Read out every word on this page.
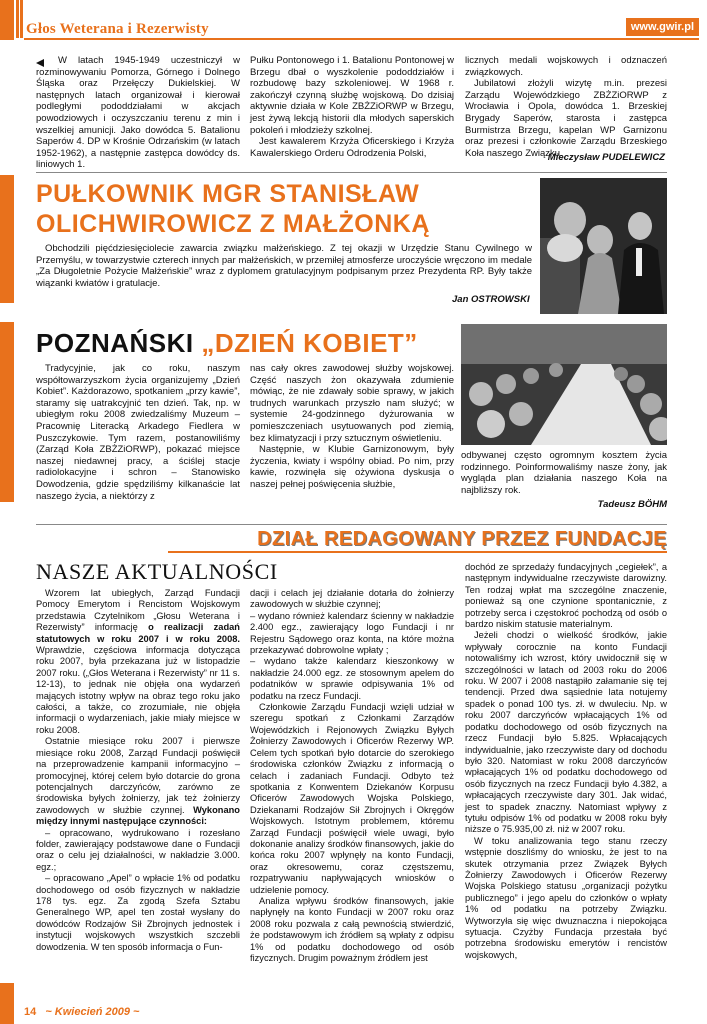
Głos Weterana i Rezerwisty	www.gwir.pl

W latach 1945-1949 uczestniczył w rozminowywaniu Pomorza, Górnego i Dolnego Śląska oraz Przełęczy Dukielskiej. W następnych latach organizował i kierował podległymi pododdziałami w akcjach powodziowych i oczyszczaniu terenu z min i wszelkiej amunicji. Jako dowódca 5. Batalionu Saperów 4. DP w Krośnie Odrzańskim (w latach 1952-1962), a następnie zastępca dowódcy ds. liniowych 1.

Pułku Pontonowego i 1. Batalionu Pontonowej w Brzegu dbał o wyszkolenie pododdziałów i rozbudowę bazy szkoleniowej. W 1968 r. zakończył czynną służbę wojskową. Do dzisiaj aktywnie działa w Kole ZBŻZiORWP w Brzegu, jest żywą lekcją historii dla młodych saperskich pokoleń i młodzieży szkolnej.

Jest kawalerem Krzyża Oficerskiego i Krzyża Kawalerskiego Orderu Odrodzenia Polski,

licznych medali wojskowych i odznaczeń związkowych.

Jubilatowi złożyli wizytę m.in. prezesi Zarządu Wojewódzkiego ZBŻZiORWP z Wrocławia i Opola, dowódca 1. Brzeskiej Brygady Saperów, starosta i zastępca Burmistrza Brzegu, kapelan WP Garnizonu oraz prezesi i członkowie Zarządu Brzeskiego Koła naszego Związku.

Mieczysław PUDELEWICZ
PUŁKOWNIK MGR STANISŁAW
OLICHWIROWICZ Z MAŁŻONKĄ

Obchodzili pięćdziesięciolecie zawarcia związku małżeńskiego. Z tej okazji w Urzędzie Stanu Cywilnego w Przemyślu, w towarzystwie czterech innych par małżeńskich, w przemiłej atmosferze uroczyście wręczono im medale „Za Długoletnie Pożycie Małżeńskie” wraz z dyplomem gratulacyjnym podpisanym przez Prezydenta RP. Były także wiązanki kwiatów i gratulacje.

Jan OSTROWSKI
POZNAŃSKI „DZIEŃ KOBIET”

Tradycyjnie, jak co roku, naszym współtowarzyszkom życia organizujemy „Dzień Kobiet”. Każdorazowo, spotkaniem „przy kawie”, staramy się uatrakcyjnić ten dzień. Tak, np. w ubiegłym roku 2008 zwiedzaliśmy Muzeum – Pracownię Literacką Arkadego Fiedlera w Puszczykowie. Tym razem, postanowiliśmy (Zarząd Koła ZBŻZiORWP), pokazać miejsce naszej niedawnej pracy, a ściślej stacje radiolokacyjne i schron – Stanowisko Dowodzenia, gdzie spędziliśmy kilkanaście lat naszego życia, a niektórzy z

nas cały okres zawodowej służby wojskowej. Część naszych żon okazywała zdumienie mówiąc, że nie zdawały sobie sprawy, w jakich trudnych warunkach przyszło nam służyć; w systemie 24-godzinnego dyżurowania w pomieszczeniach usytuowanych pod ziemią, bez klimatyzacji i przy sztucznym oświetleniu.

Następnie, w Klubie Garnizonowym, były życzenia, kwiaty i wspólny obiad. Po nim, przy kawie, rozwinęła się ożywiona dyskusja o naszej pełnej poświęcenia służbie,

odbywanej często ogromnym kosztem życia rodzinnego. Poinformowaliśmy nasze żony, jak wygląda plan działania naszego Koła na najbliższy rok.

Tadeusz BÖHM
DZIAŁ REDAGOWANY PRZEZ FUNDACJĘ
NASZE AKTUALNOŚCI

Wzorem lat ubiegłych, Zarząd Fundacji Pomocy Emerytom i Rencistom Wojskowym przedstawia Czytelnikom „Głosu Weterana i Rezerwisty” informację o realizacji zadań statutowych w roku 2007 i w roku 2008. Wprawdzie, częściowa informacja dotycząca roku 2007, była przekazana już w listopadzie 2007 roku. („Głos Weterana i Rezerwisty” nr 11 s. 12-13), to jednak nie objęła ona wydarzeń mających istotny wpływ na obraz tego roku jako całości, a także, co zrozumiałe, nie objęła informacji o wydarzeniach, jakie miały miejsce w roku 2008.

Ostatnie miesiące roku 2007 i pierwsze miesiące roku 2008, Zarząd Fundacji poświęcił na przeprowadzenie kampanii informacyjno – promocyjnej, której celem było dotarcie do grona potencjalnych darczyńców, zarówno ze środowiska byłych żołnierzy, jak też żołnierzy zawodowych w służbie czynnej. Wykonano między innymi następujące czynności:

– opracowano, wydrukowano i rozesłano folder, zawierający podstawowe dane o Fundacji oraz o celu jej działalności, w nakładzie 3.000. egz.;

– opracowano „Apel” o wpłacie 1% od podatku dochodowego od osób fizycznych w nakładzie 178 tys. egz. Za zgodą Szefa Sztabu Generalnego WP, apel ten został wysłany do dowódców Rodzajów Sił Zbrojnych jednostek i instytucji wojskowych wszystkich szczebli dowodzenia. W ten sposób informacja o Fun-

dacji i celach jej działanie dotarła do żołnierzy zawodowych w służbie czynnej;

– wydano również kalendarz ścienny w nakładzie 2.400 egz., zawierający logo Fundacji i nr Rejestru Sądowego oraz konta, na które można przekazywać dobrowolne wpłaty ;

– wydano także kalendarz kieszonkowy w nakładzie 24.000 egz. ze stosownym apelem do podatników w sprawie odpisywania 1% od podatku na rzecz Fundacji.

Członkowie Zarządu Fundacji wzięli udział w szeregu spotkań z Członkami Zarządów Wojewódzkich i Rejonowych Związku Byłych Żołnierzy Zawodowych i Oficerów Rezerwy WP. Celem tych spotkań było dotarcie do szerokiego środowiska członków Związku z informacją o celach i zadaniach Fundacji. Odbyto też spotkania z Konwentem Dziekanów Korpusu Oficerów Zawodowych Wojska Polskiego, Dziekanami Rodzajów Sił Zbrojnych i Okręgów Wojskowych. Istotnym problemem, któremu Zarząd Fundacji poświęcił wiele uwagi, było dokonanie analizy środków finansowych, jakie do końca roku 2007 wpłynęły na konto Fundacji, oraz okresowemu, coraz częstszemu, rozpatrywaniu napływających wniosków o udzielenie pomocy.

Analiza wpływu środków finansowych, jakie napłynęły na konto Fundacji w 2007 roku oraz 2008 roku pozwala z całą pewnością stwierdzić, że podstawowym ich źródłem są wpłaty z odpisu 1% od podatku dochodowego od osób fizycznych. Drugim poważnym źródłem jest

dochód ze sprzedaży fundacyjnych „cegiełek”, a następnym indywidualne rzeczywiste darowizny. Ten rodzaj wpłat ma szczególne znaczenie, ponieważ są one czynione spontanicznie, z potrzeby serca i częstokroć pochodzą od osób o bardzo niskim statusie materialnym.

Jeżeli chodzi o wielkość środków, jakie wpływały corocznie na konto Fundacji notowaliśmy ich wzrost, który uwidocznił się w szczególności w latach od 2003 roku do 2006 roku. W 2007 i 2008 nastąpiło załamanie się tej tendencji. Przed dwa sąsiednie lata notujemy spadek o ponad 100 tys. zł. w dwuleciu. Np. w roku 2007 darczyńców wpłacających 1% od podatku dochodowego od osób fizycznych na rzecz Fundacji było 5.825. Wpłacających indywidualnie, jako rzeczywiste dary od dochodu było 320. Natomiast w roku 2008 darczyńców wpłacających 1% od podatku dochodowego od osób fizycznych na rzecz Fundacji było 4.382, a wpłacających rzeczywiste dary 301. Jak widać, jest to spadek znaczny. Natomiast wpływy z tytułu odpisów 1% od podatku w 2008 roku były niższe o 75.935,00 zł. niż w 2007 roku.

W toku analizowania tego stanu rzeczy wstępnie doszliśmy do wniosku, że jest to na skutek otrzymania przez Związek Byłych Żołnierzy Zawodowych i Oficerów Rezerwy Wojska Polskiego statusu „organizacji pożytku publicznego” i jego apelu do członków o wpłaty 1% od podatku na potrzeby Związku. Wytworzyła się więc dwuznaczna i niepokojąca sytuacja. Czyżby Fundacja przestała być potrzebna środowisku emerytów i rencistów wojskowych,

14 ~ Kwiecień 2009 ~
